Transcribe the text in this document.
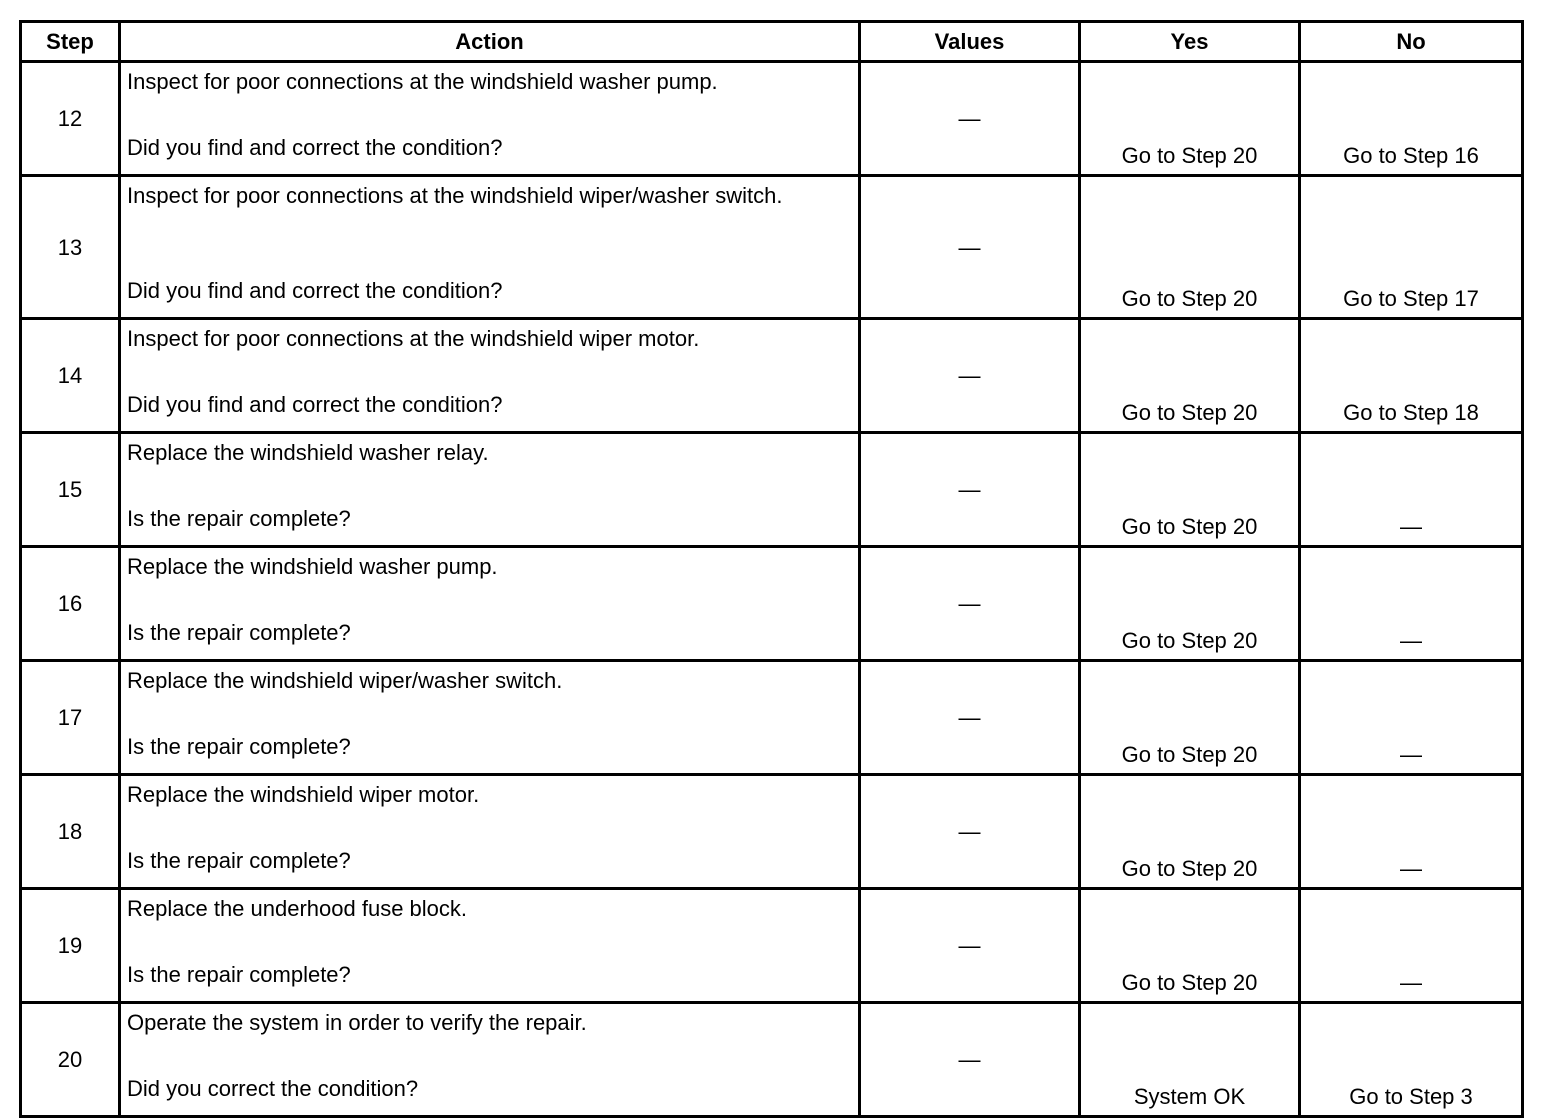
Step	Action	Values	Yes	No
12	Inspect for poor connections at the windshield washer pump.
Did you find and correct the condition?	—	Go to Step 20	Go to Step 16
13	Inspect for poor connections at the windshield wiper/washer switch.
Did you find and correct the condition?	—	Go to Step 20	Go to Step 17
14	Inspect for poor connections at the windshield wiper motor.
Did you find and correct the condition?	—	Go to Step 20	Go to Step 18
15	Replace the windshield washer relay.
Is the repair complete?	—	Go to Step 20	—
16	Replace the windshield washer pump.
Is the repair complete?	—	Go to Step 20	—
17	Replace the windshield wiper/washer switch.
Is the repair complete?	—	Go to Step 20	—
18	Replace the windshield wiper motor.
Is the repair complete?	—	Go to Step 20	—
19	Replace the underhood fuse block.
Is the repair complete?	—	Go to Step 20	—
20	Operate the system in order to verify the repair.
Did you correct the condition?	—	System OK	Go to Step 3
